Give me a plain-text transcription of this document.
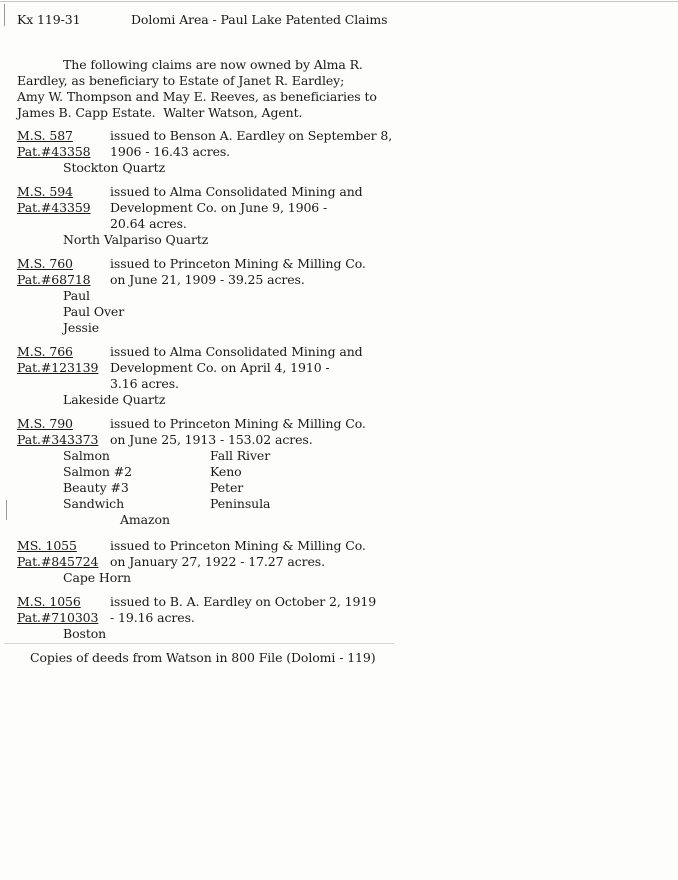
Kx 119-31	Dolomi Area - Paul Lake Patented Claims
The following claims are now owned by Alma R.
Eardley, as beneficiary to Estate of Janet R. Eardley;
Amy W. Thompson and May E. Reeves, as beneficiaries to
James B. Capp Estate.  Walter Watson, Agent.
M.S. 587
Pat.#43358
issued to Benson A. Eardley on September 8,
1906 - 16.43 acres.
Stockton Quartz
M.S. 594
Pat.#43359
issued to Alma Consolidated Mining and
Development Co. on June 9, 1906 -
20.64 acres.
North Valpariso Quartz
M.S. 760
Pat.#68718
issued to Princeton Mining & Milling Co.
on June 21, 1909 - 39.25 acres.
Paul
Paul Over
Jessie
M.S. 766
Pat.#123139
issued to Alma Consolidated Mining and
Development Co. on April 4, 1910 -
3.16 acres.
Lakeside Quartz
M.S. 790
Pat.#343373
issued to Princeton Mining & Milling Co.
on June 25, 1913 - 153.02 acres.
Salmon
Salmon #2
Beauty #3
Sandwich
Fall River
Keno
Peter
Peninsula
Amazon
MS. 1055
Pat.#845724
issued to Princeton Mining & Milling Co.
on January 27, 1922 - 17.27 acres.
Cape Horn
M.S. 1056
Pat.#710303
issued to B. A. Eardley on October 2, 1919
- 19.16 acres.
Boston
Copies of deeds from Watson in 800 File (Dolomi - 119)
